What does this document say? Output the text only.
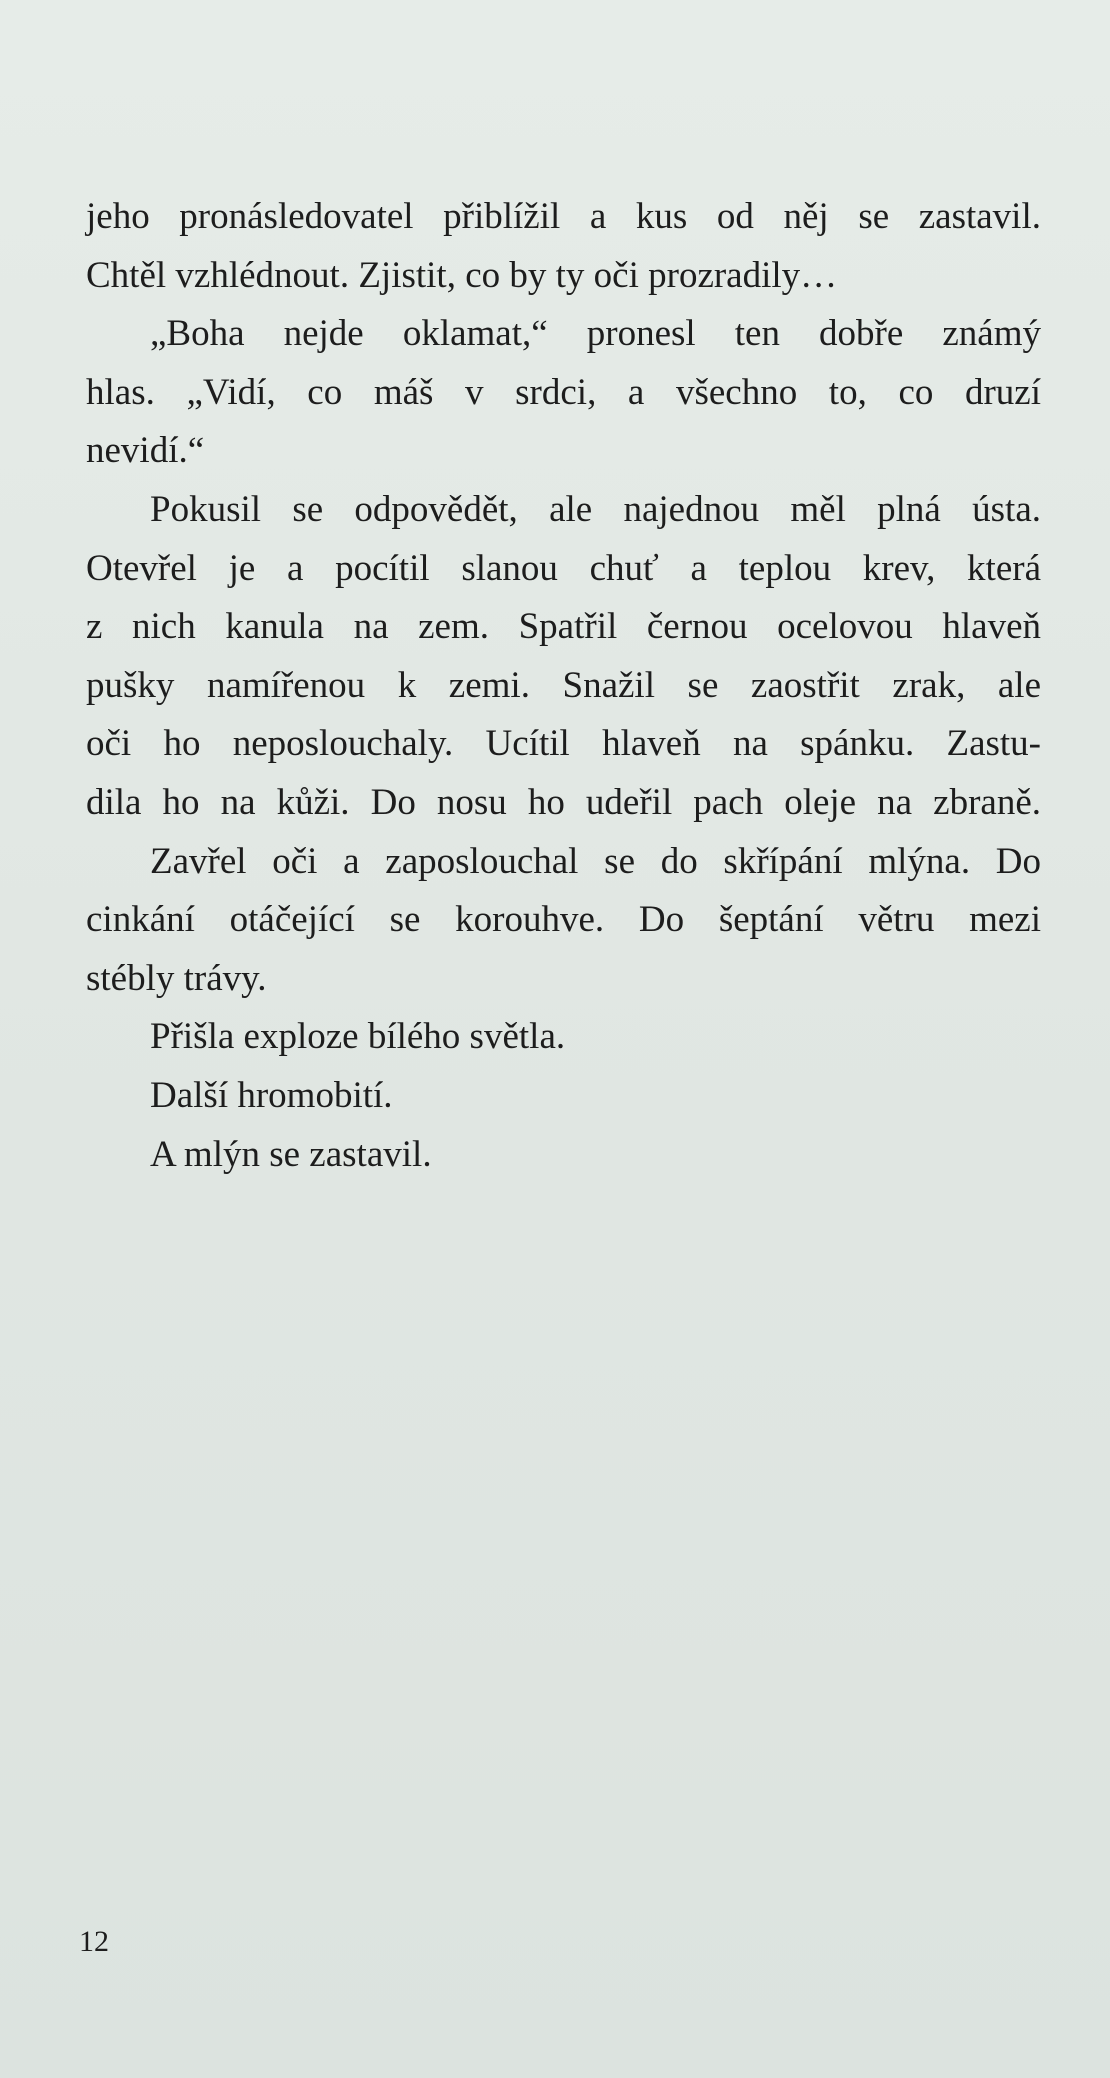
jeho pronásledovatel přiblížil a kus od něj se zastavil.
Chtěl vzhlédnout. Zjistit, co by ty oči prozradily…
„Boha nejde oklamat,“ pronesl ten dobře známý
hlas. „Vidí, co máš v srdci, a všechno to, co druzí
nevidí.“
Pokusil se odpovědět, ale najednou měl plná ústa.
Otevřel je a pocítil slanou chuť a teplou krev, která
z nich kanula na zem. Spatřil černou ocelovou hlaveň
pušky namířenou k zemi. Snažil se zaostřit zrak, ale
oči ho neposlouchaly. Ucítil hlaveň na spánku. Zastu-
dila ho na kůži. Do nosu ho udeřil pach oleje na zbraně.
Zavřel oči a zaposlouchal se do skřípání mlýna. Do
cinkání otáčející se korouhve. Do šeptání větru mezi
stébly trávy.
Přišla exploze bílého světla.
Další hromobití.
A mlýn se zastavil.
12
